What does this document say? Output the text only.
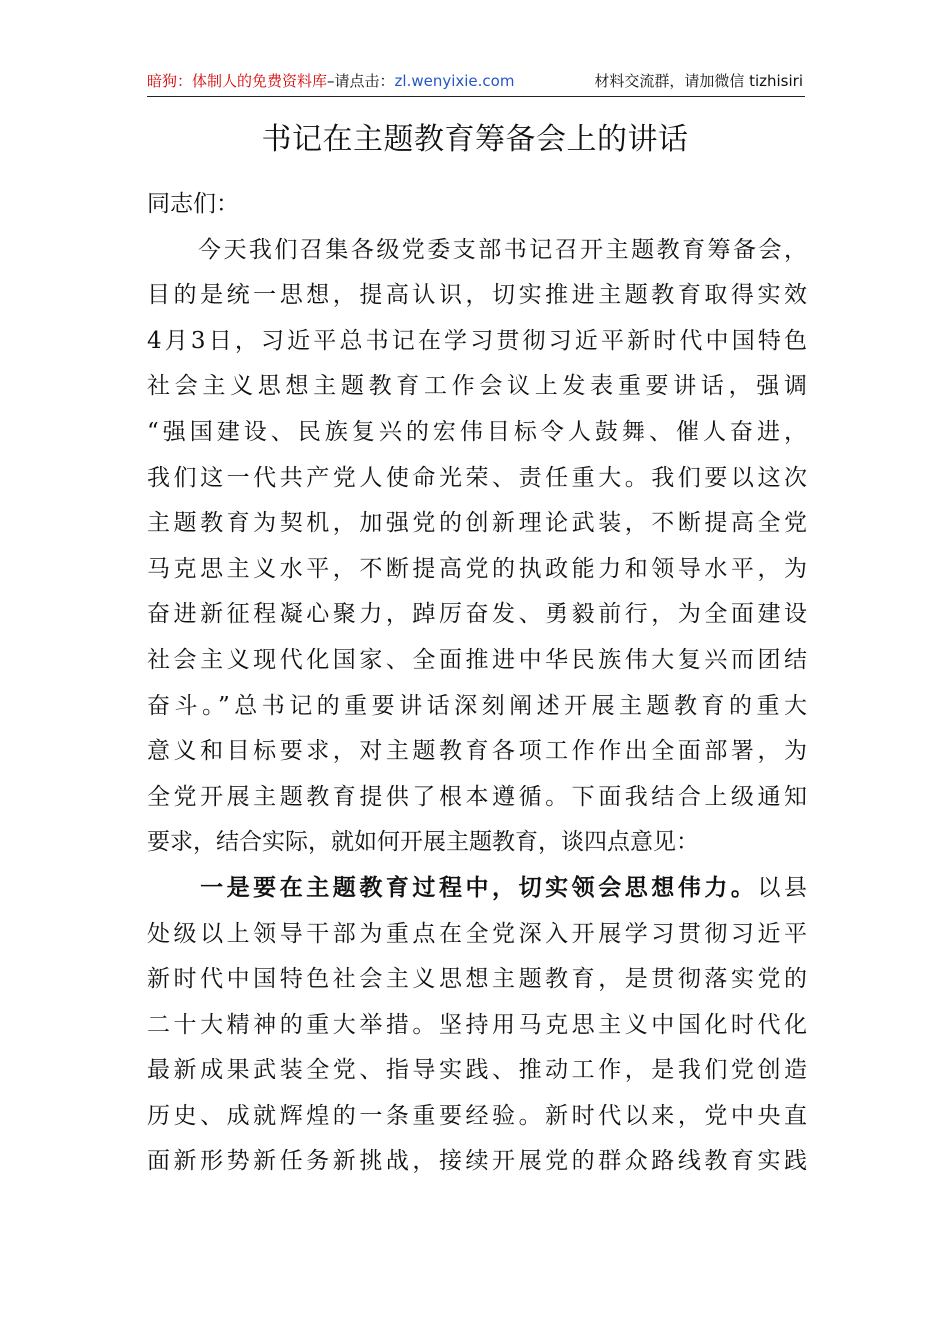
暗狗：体制人的免费资料库–请点击：zl.wenyixie.com	材料交流群，请加微信 tizhisiri
书记在主题教育筹备会上的讲话
同志们：
　　今天我们召集各级党委支部书记召开主题教育筹备会，
目的是统一思想，提高认识，切实推进主题教育取得实效
4月3日，习近平总书记在学习贯彻习近平新时代中国特色
社会主义思想主题教育工作会议上发表重要讲话，强调
“强国建设、民族复兴的宏伟目标令人鼓舞、催人奋进，
我们这一代共产党人使命光荣、责任重大。我们要以这次
主题教育为契机，加强党的创新理论武装，不断提高全党
马克思主义水平，不断提高党的执政能力和领导水平，为
奋进新征程凝心聚力，踔厉奋发、勇毅前行，为全面建设
社会主义现代化国家、全面推进中华民族伟大复兴而团结
奋斗。”总书记的重要讲话深刻阐述开展主题教育的重大
意义和目标要求，对主题教育各项工作作出全面部署，为
全党开展主题教育提供了根本遵循。下面我结合上级通知
要求，结合实际，就如何开展主题教育，谈四点意见：
　　一是要在主题教育过程中，切实领会思想伟力。以县
处级以上领导干部为重点在全党深入开展学习贯彻习近平
新时代中国特色社会主义思想主题教育，是贯彻落实党的
二十大精神的重大举措。坚持用马克思主义中国化时代化
最新成果武装全党、指导实践、推动工作，是我们党创造
历史、成就辉煌的一条重要经验。新时代以来，党中央直
面新形势新任务新挑战，接续开展党的群众路线教育实践
